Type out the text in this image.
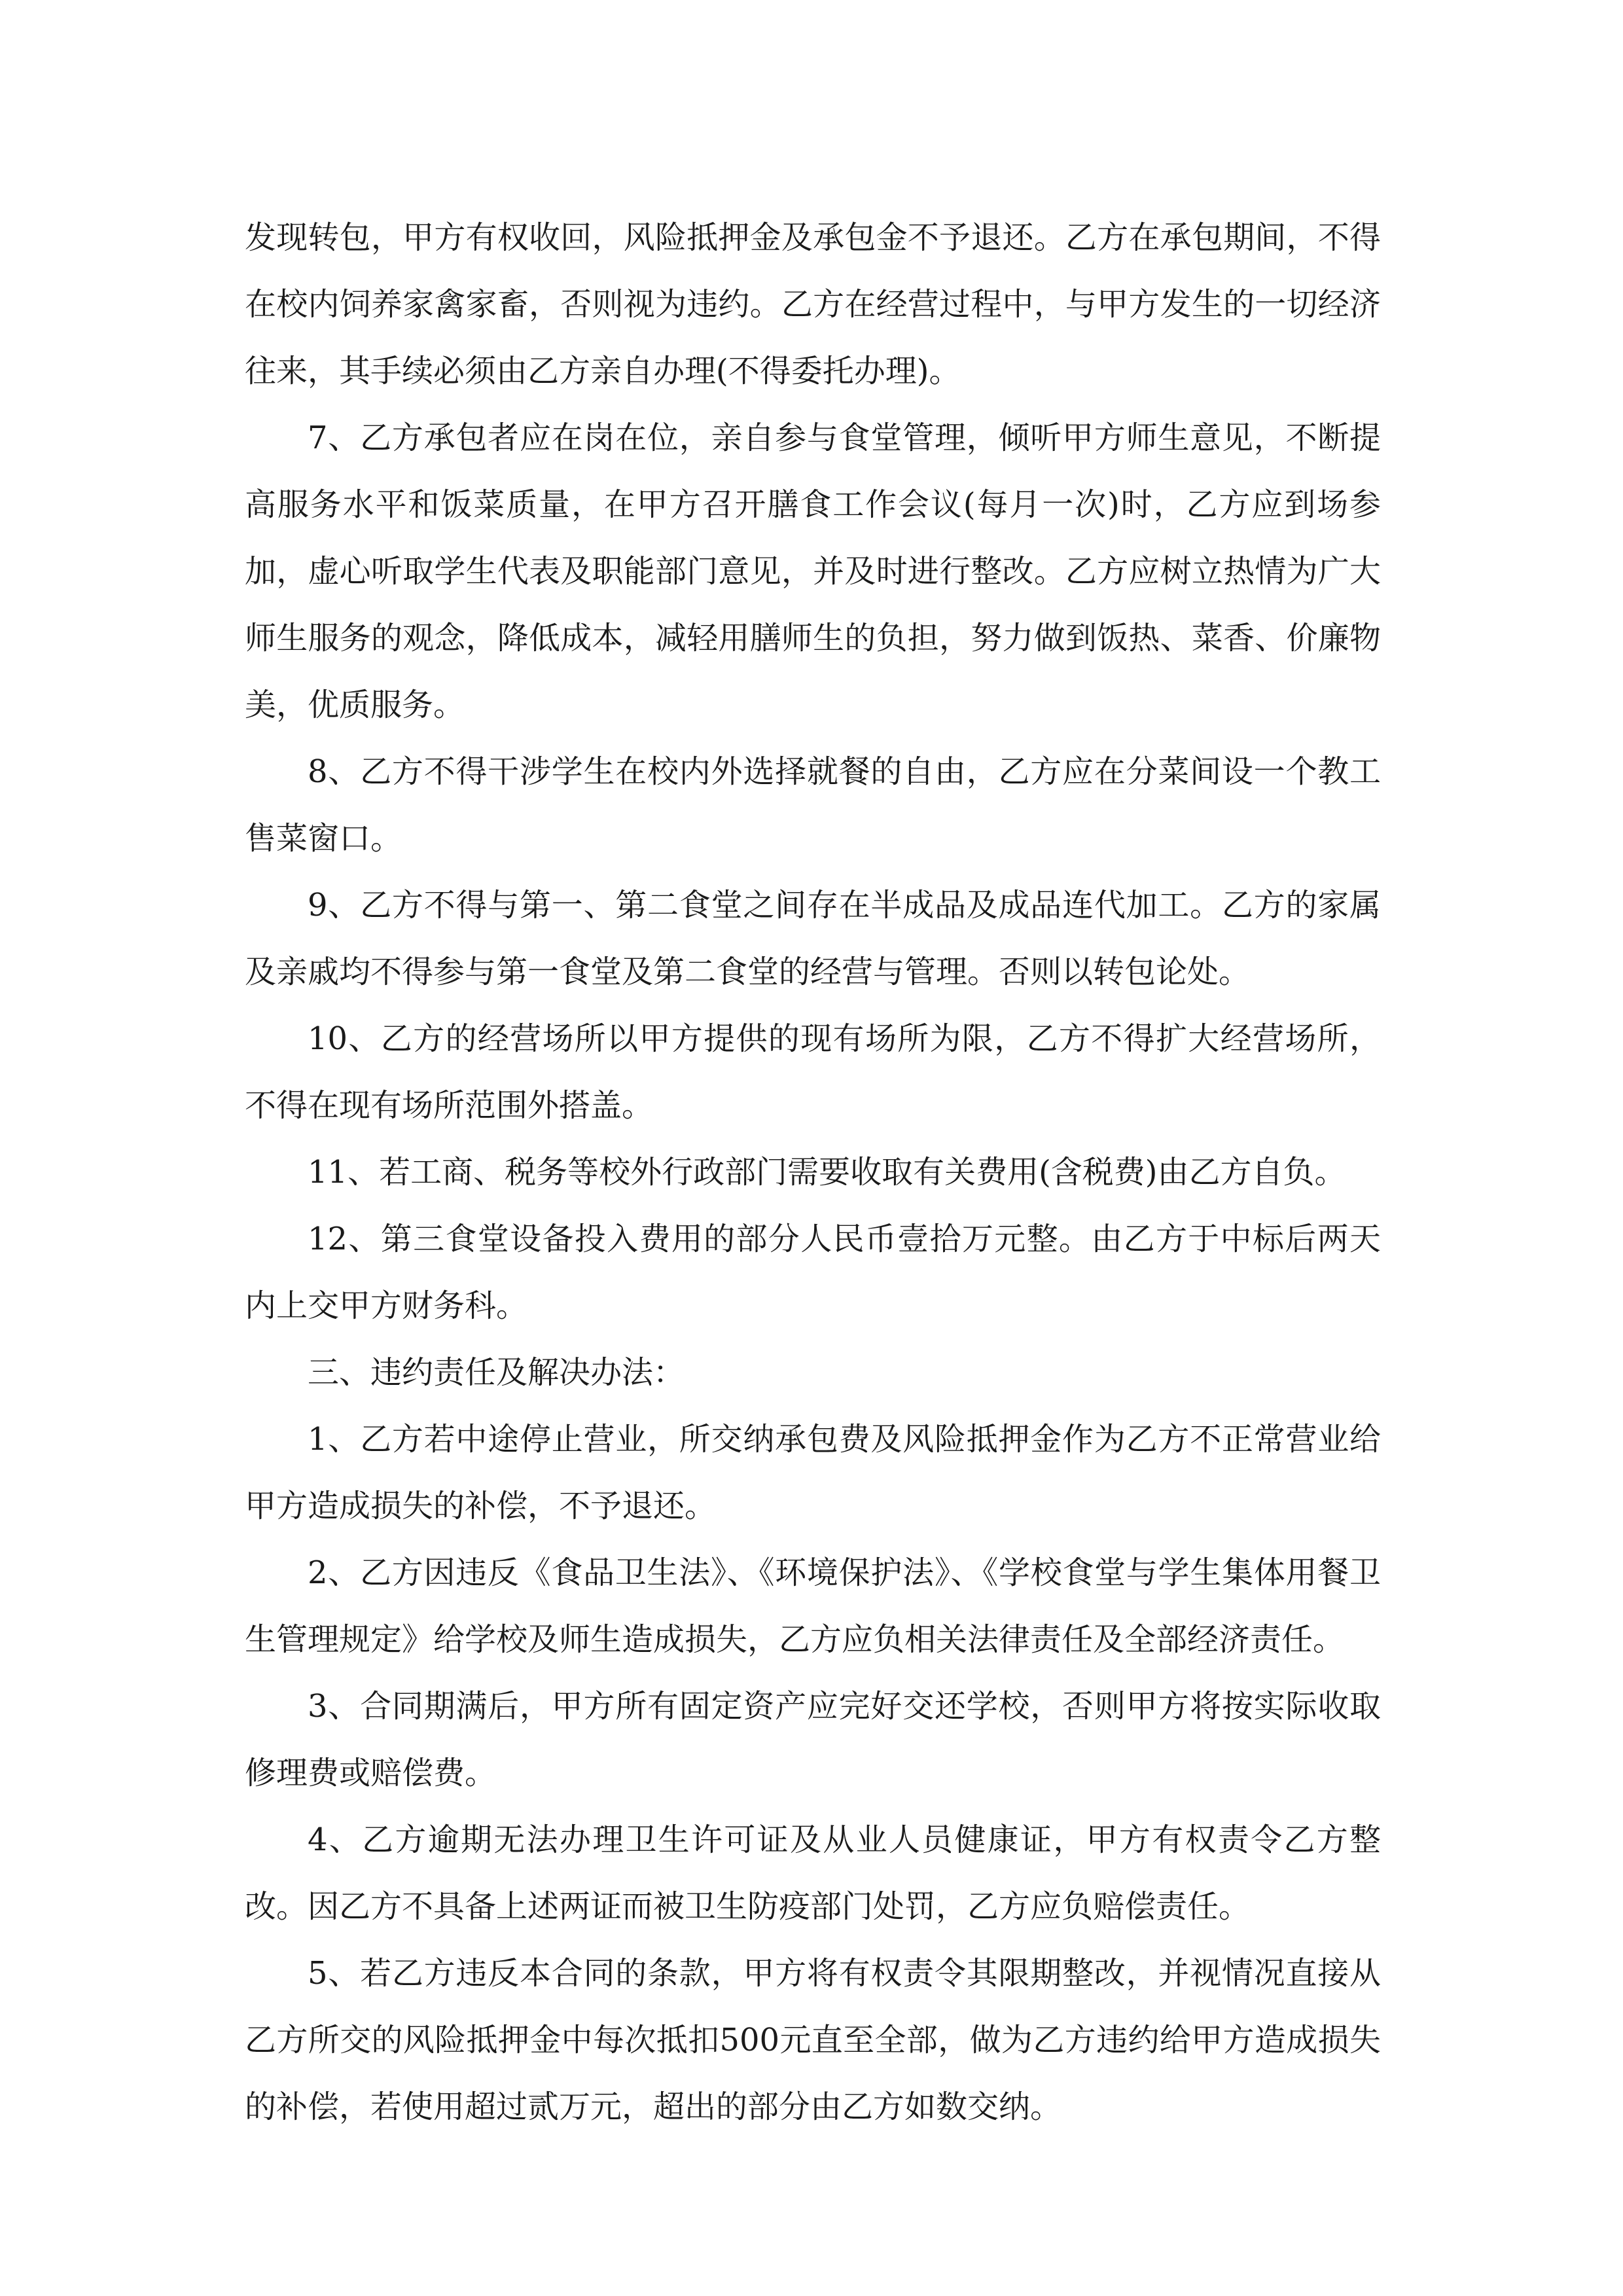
发现转包，甲方有权收回，风险抵押金及承包金不予退还。乙方在承包期间，不得在校内饲养家禽家畜，否则视为违约。乙方在经营过程中，与甲方发生的一切经济往来，其手续必须由乙方亲自办理(不得委托办理)。

7、乙方承包者应在岗在位，亲自参与食堂管理，倾听甲方师生意见，不断提高服务水平和饭菜质量，在甲方召开膳食工作会议(每月一次)时，乙方应到场参加，虚心听取学生代表及职能部门意见，并及时进行整改。乙方应树立热情为广大师生服务的观念，降低成本，减轻用膳师生的负担，努力做到饭热、菜香、价廉物美，优质服务。

8、乙方不得干涉学生在校内外选择就餐的自由，乙方应在分菜间设一个教工售菜窗口。

9、乙方不得与第一、第二食堂之间存在半成品及成品连代加工。乙方的家属及亲戚均不得参与第一食堂及第二食堂的经营与管理。否则以转包论处。

10、乙方的经营场所以甲方提供的现有场所为限，乙方不得扩大经营场所，不得在现有场所范围外搭盖。

11、若工商、税务等校外行政部门需要收取有关费用(含税费)由乙方自负。

12、第三食堂设备投入费用的部分人民币壹拾万元整。由乙方于中标后两天内上交甲方财务科。

三、违约责任及解决办法：

1、乙方若中途停止营业，所交纳承包费及风险抵押金作为乙方不正常营业给甲方造成损失的补偿，不予退还。

2、乙方因违反《食品卫生法》、《环境保护法》、《学校食堂与学生集体用餐卫生管理规定》给学校及师生造成损失，乙方应负相关法律责任及全部经济责任。

3、合同期满后，甲方所有固定资产应完好交还学校，否则甲方将按实际收取修理费或赔偿费。

4、乙方逾期无法办理卫生许可证及从业人员健康证，甲方有权责令乙方整改。因乙方不具备上述两证而被卫生防疫部门处罚，乙方应负赔偿责任。

5、若乙方违反本合同的条款，甲方将有权责令其限期整改，并视情况直接从乙方所交的风险抵押金中每次抵扣500元直至全部，做为乙方违约给甲方造成损失的补偿，若使用超过贰万元，超出的部分由乙方如数交纳。
